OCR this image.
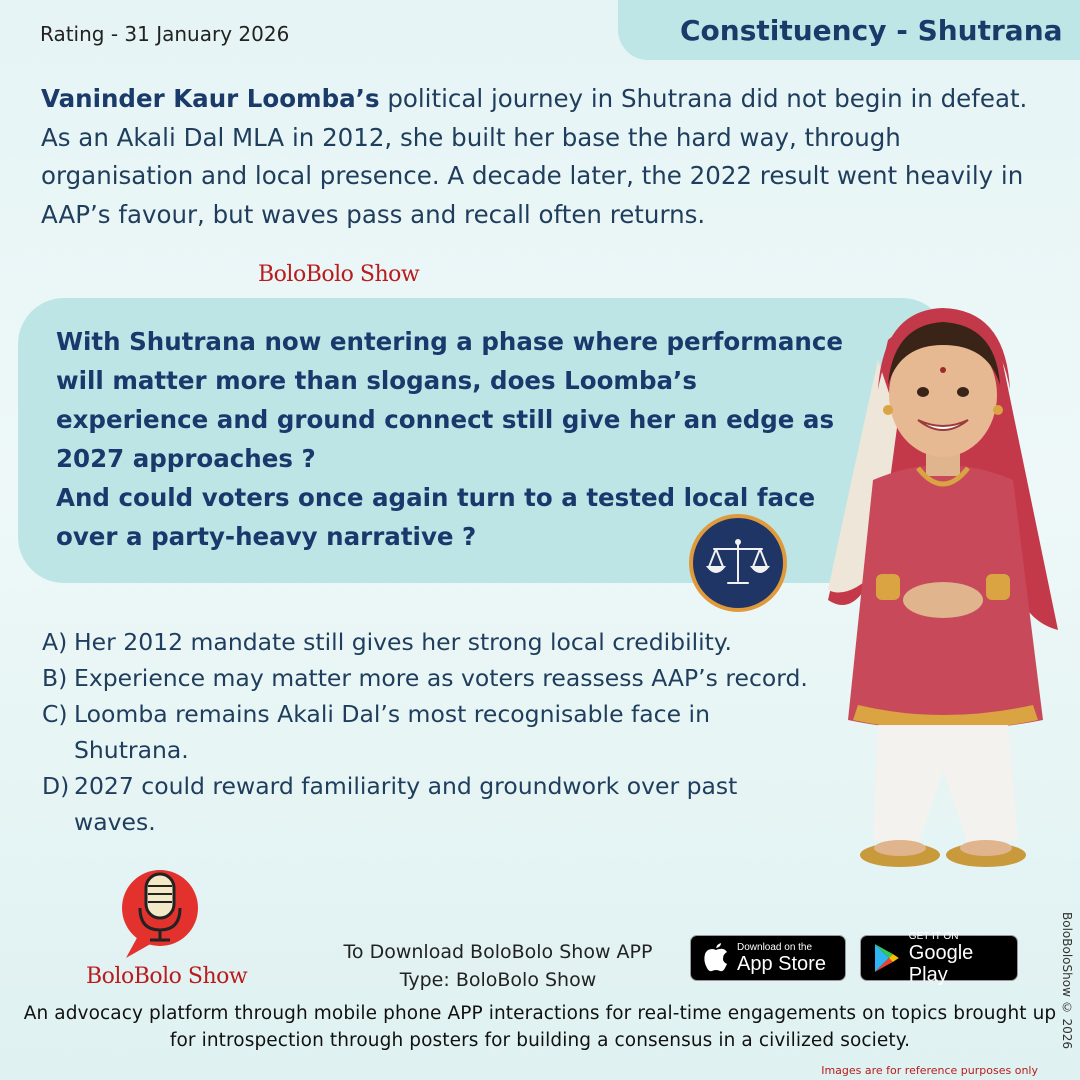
Rating - 31 January 2026	Constituency - Shutrana

Vaninder Kaur Loomba’s political journey in Shutrana did not begin in defeat. As an Akali Dal MLA in 2012, she built her base the hard way, through organisation and local presence. A decade later, the 2022 result went heavily in AAP’s favour, but waves pass and recall often returns.

BoloBolo Show
With Shutrana now entering a phase where performance will matter more than slogans, does Loomba’s experience and ground connect still give her an edge as 2027 approaches ?
And could voters once again turn to a tested local face over a party-heavy narrative ?
A) Her 2012 mandate still gives her strong local credibility.
B) Experience may matter more as voters reassess AAP’s record.
C) Loomba remains Akali Dal’s most recognisable face in Shutrana.
D) 2027 could reward familiarity and groundwork over past waves.
BoloBolo Show
To Download BoloBolo Show APP
Type: BoloBolo Show
Download on the
App Store
GET IT ON
Google Play
An advocacy platform through mobile phone APP interactions for real-time engagements on topics brought up for introspection through posters for building a consensus in a civilized society.	BoloBoloShow © 2026
Images are for reference purposes only
